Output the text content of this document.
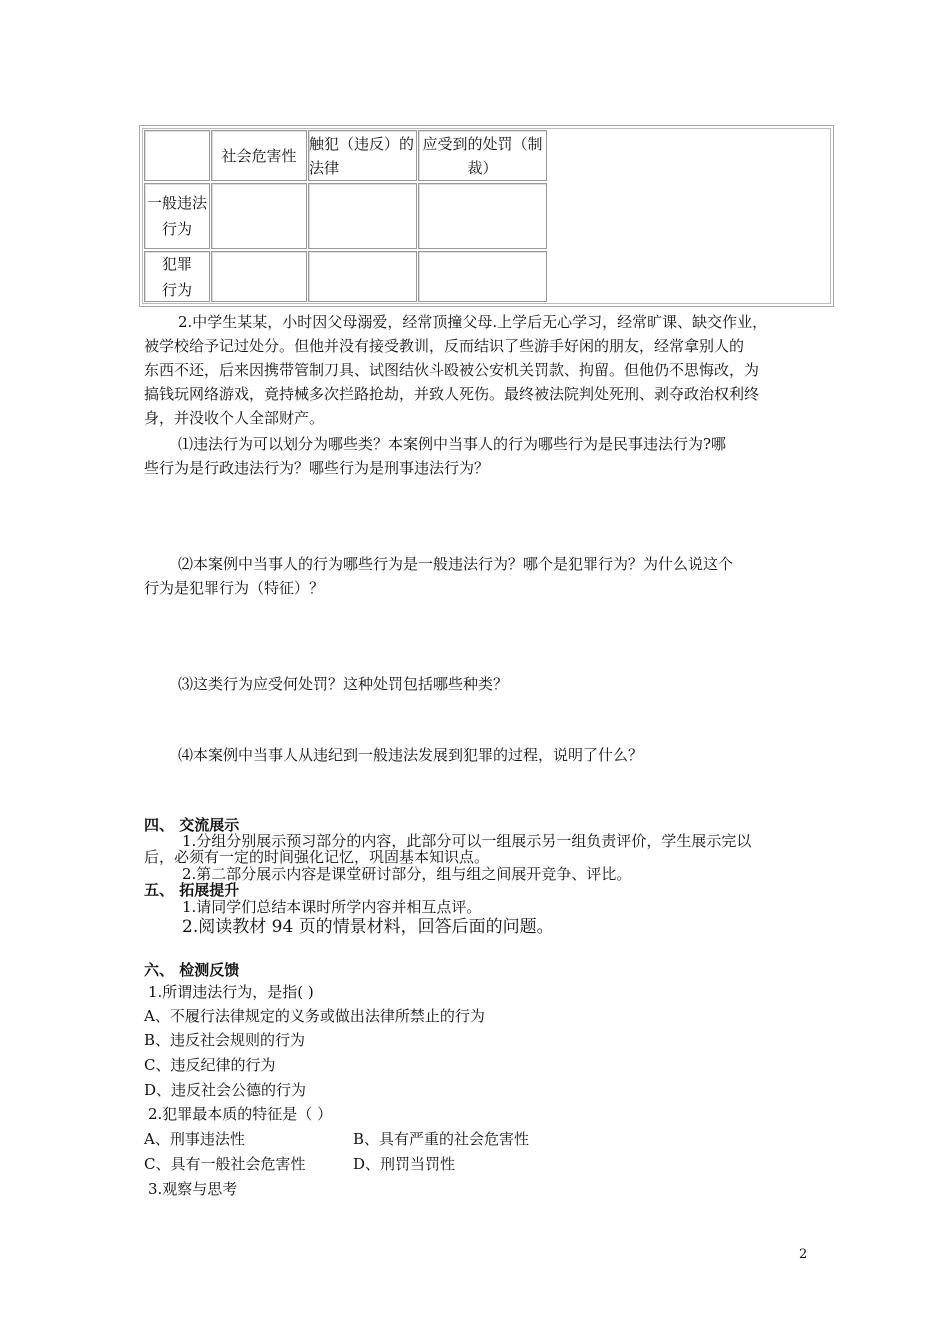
社会危害性
触犯（违反）的法律
应受到的处罚（制裁）
一般违法行为
犯罪行为
2.中学生某某，小时因父母溺爱，经常顶撞父母.上学后无心学习，经常旷课、缺交作业，
被学校给予记过处分。但他并没有接受教训，反而结识了些游手好闲的朋友，经常拿别人的
东西不还，后来因携带管制刀具、试图结伙斗殴被公安机关罚款、拘留。但他仍不思悔改，为
搞钱玩网络游戏，竟持械多次拦路抢劫，并致人死伤。最终被法院判处死刑、剥夺政治权利终
身，并没收个人全部财产。
⑴违法行为可以划分为哪些类？本案例中当事人的行为哪些行为是民事违法行为?哪
些行为是行政违法行为？哪些行为是刑事违法行为？
⑵本案例中当事人的行为哪些行为是一般违法行为？哪个是犯罪行为？为什么说这个
行为是犯罪行为（特征）？
⑶这类行为应受何处罚？这种处罚包括哪些种类？
⑷本案例中当事人从违纪到一般违法发展到犯罪的过程，说明了什么？
四、 交流展示
1.分组分别展示预习部分的内容，此部分可以一组展示另一组负责评价，学生展示完以
后，必须有一定的时间强化记忆，巩固基本知识点。
2.第二部分展示内容是课堂研讨部分，组与组之间展开竞争、评比。
五、 拓展提升
1.请同学们总结本课时所学内容并相互点评。
2.阅读教材 94 页的情景材料，回答后面的问题。
六、 检测反馈
1.所谓违法行为，是指( )
A、不履行法律规定的义务或做出法律所禁止的行为
B、违反社会规则的行为
C、违反纪律的行为
D、违反社会公德的行为
2.犯罪最本质的特征是（ ）
A、刑事违法性	B、具有严重的社会危害性
C、具有一般社会危害性	D、刑罚当罚性
3.观察与思考
2
